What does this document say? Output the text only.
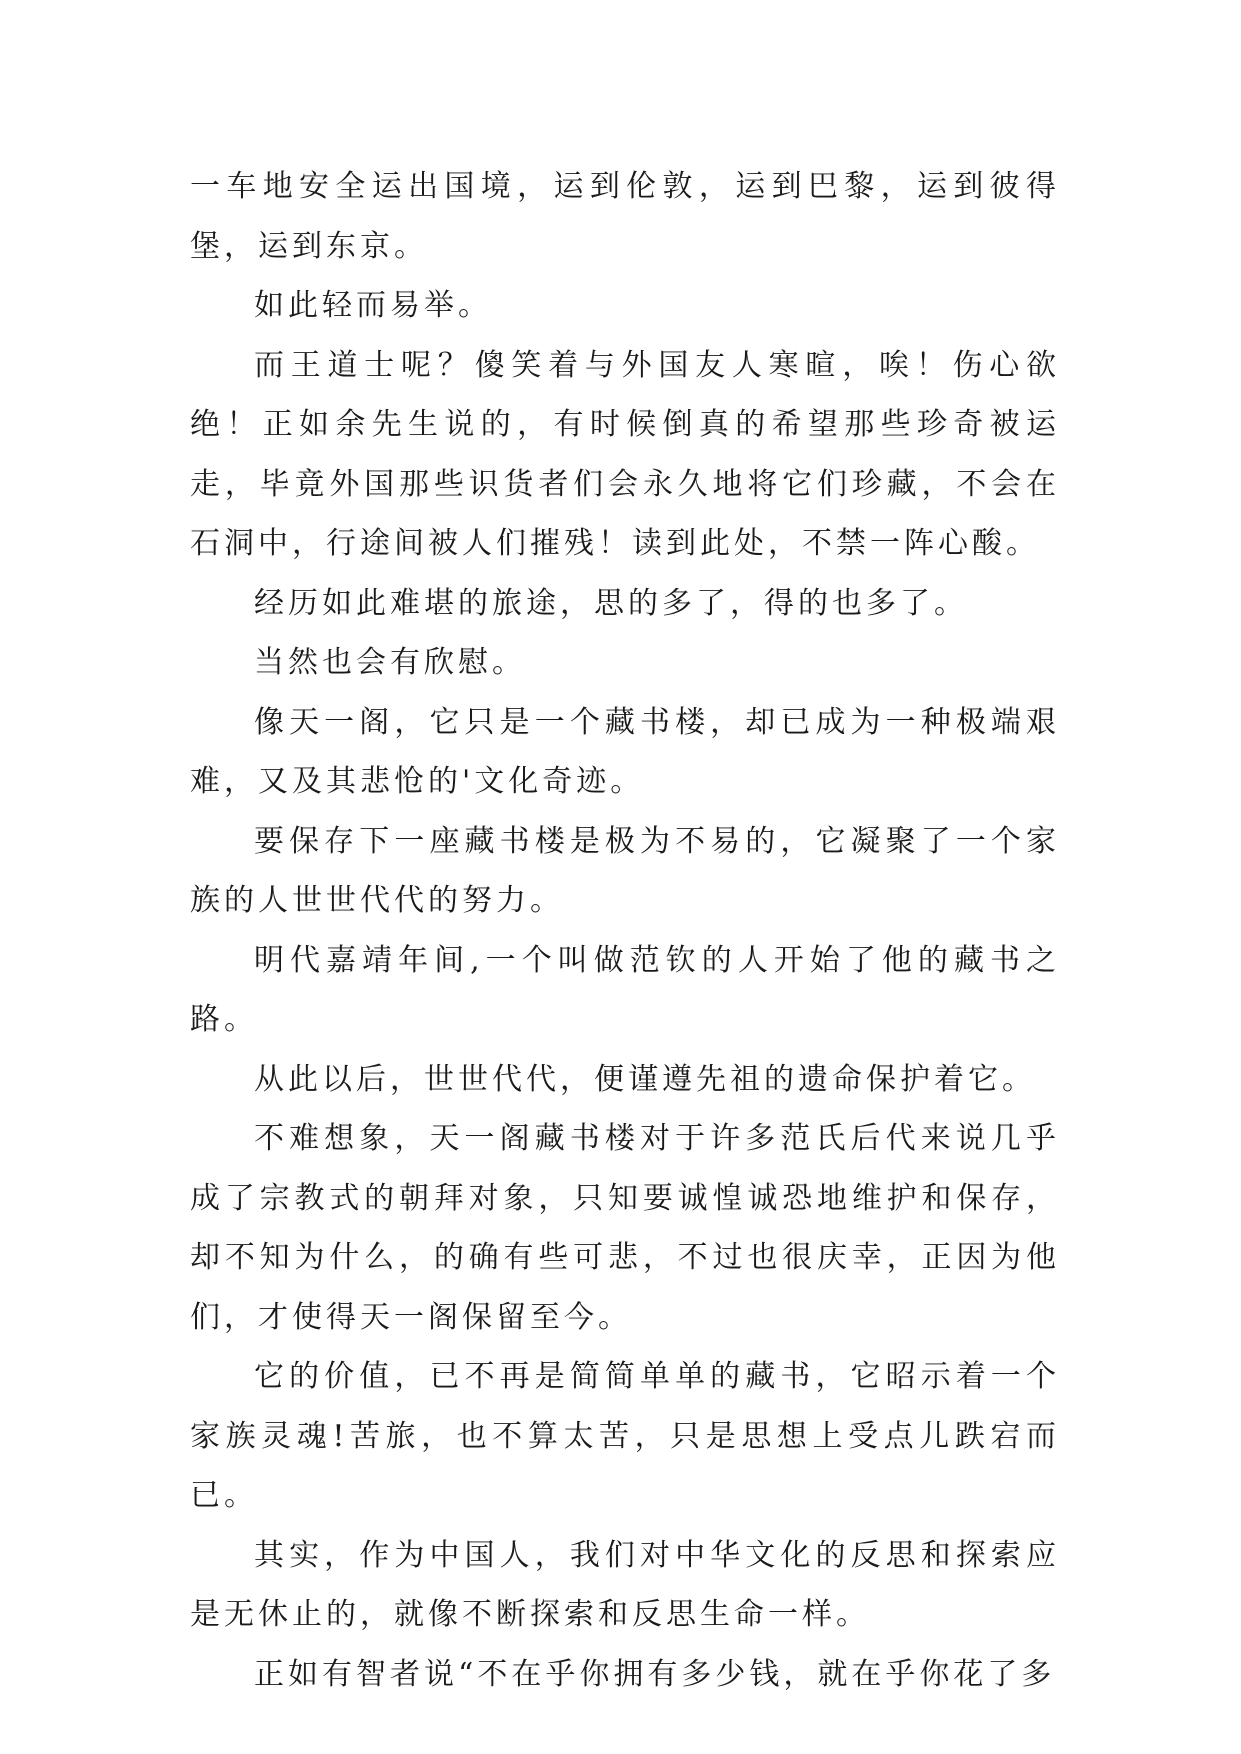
一车地安全运出国境，运到伦敦，运到巴黎，运到彼得堡，运到东京。

如此轻而易举。

而王道士呢？傻笑着与外国友人寒暄，唉！伤心欲绝！正如余先生说的，有时候倒真的希望那些珍奇被运走，毕竟外国那些识货者们会永久地将它们珍藏，不会在石洞中，行途间被人们摧残！读到此处，不禁一阵心酸。

经历如此难堪的旅途，思的多了，得的也多了。

当然也会有欣慰。

像天一阁，它只是一个藏书楼，却已成为一种极端艰难，又及其悲怆的'文化奇迹。

要保存下一座藏书楼是极为不易的，它凝聚了一个家族的人世世代代的努力。

明代嘉靖年间,一个叫做范钦的人开始了他的藏书之路。

从此以后，世世代代，便谨遵先祖的遗命保护着它。

不难想象，天一阁藏书楼对于许多范氏后代来说几乎成了宗教式的朝拜对象，只知要诚惶诚恐地维护和保存，却不知为什么，的确有些可悲，不过也很庆幸，正因为他们，才使得天一阁保留至今。

它的价值，已不再是简简单单的藏书，它昭示着一个家族灵魂!苦旅，也不算太苦，只是思想上受点儿跌宕而已。

其实，作为中国人，我们对中华文化的反思和探索应是无休止的，就像不断探索和反思生命一样。

正如有智者说“不在乎你拥有多少钱，就在乎你花了多
